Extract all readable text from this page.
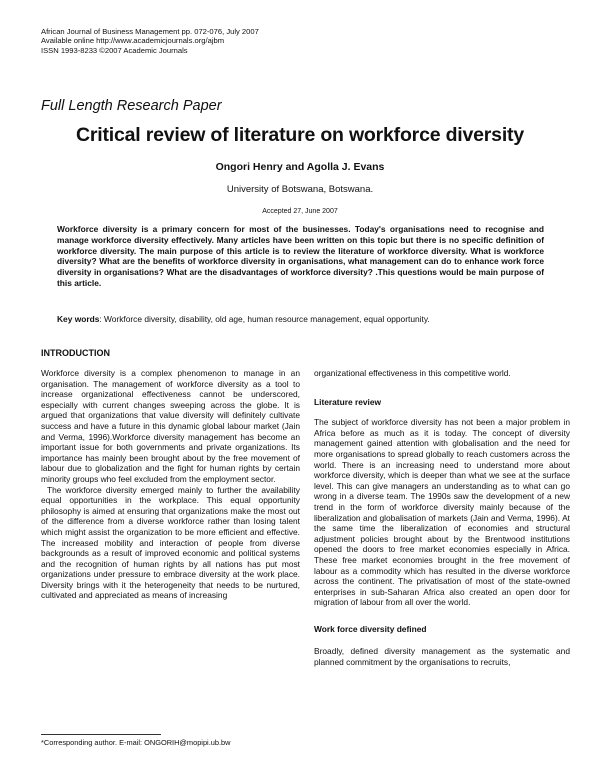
African Journal of Business Management pp. 072-076, July 2007
Available online http://www.academicjournals.org/ajbm
ISSN 1993-8233 ©2007 Academic Journals
Full Length Research Paper
Critical review of literature on workforce diversity
Ongori Henry and Agolla J. Evans
University of Botswana, Botswana.
Accepted 27, June 2007

Workforce diversity is a primary concern for most of the businesses. Today's organisations need to recognise and manage workforce diversity effectively. Many articles have been written on this topic but there is no specific definition of workforce diversity. The main purpose of this article is to review the literature of workforce diversity. What is workforce diversity? What are the benefits of workforce diversity in organisations, what management can do to enhance work force diversity in organisations? What are the disadvantages of workforce diversity? .This questions would be main purpose of this article.

Key words: Workforce diversity, disability, old age, human resource management, equal opportunity.

INTRODUCTION

Workforce diversity is a complex phenomenon to manage in an organisation. The management of workforce diversity as a tool to increase organizational effectiveness cannot be underscored, especially with current changes sweeping across the globe. It is argued that organizations that value diversity will definitely cultivate success and have a future in this dynamic global labour market (Jain and Verma, 1996).Workforce diversity management has become an important issue for both governments and private organizations. Its importance has mainly been brought about by the free movement of labour due to globalization and the fight for human rights by certain minority groups who feel excluded from the employment sector.

The workforce diversity emerged mainly to further the availability equal opportunities in the workplace. This equal opportunity philosophy is aimed at ensuring that organizations make the most out of the difference from a diverse workforce rather than losing talent which might assist the organization to be more efficient and effective. The increased mobility and interaction of people from diverse backgrounds as a result of improved economic and political systems and the recognition of human rights by all nations has put most organizations under pressure to embrace diversity at the work place. Diversity brings with it the heterogeneity that needs to be nurtured, cultivated and appreciated as means of increasing

organizational effectiveness in this competitive world.

Literature review

The subject of workforce diversity has not been a major problem in Africa before as much as it is today. The concept of diversity management gained attention with globalisation and the need for more organisations to spread globally to reach customers across the world. There is an increasing need to understand more about workforce diversity, which is deeper than what we see at the surface level. This can give managers an understanding as to what can go wrong in a diverse team. The 1990s saw the development of a new trend in the form of workforce diversity mainly because of the liberalization and globalisation of markets (Jain and Verma, 1996). At the same time the liberalization of economies and structural adjustment policies brought about by the Brentwood institutions opened the doors to free market economies especially in Africa. These free market economies brought in the free movement of labour as a commodity which has resulted in the diverse workforce across the continent. The privatisation of most of the state-owned enterprises in sub-Saharan Africa also created an open door for migration of labour from all over the world.

Work force diversity defined

Broadly, defined diversity management as the systematic and planned commitment by the organisations to recruits,

*Corresponding author. E-mail: ONGORIH@mopipi.ub.bw
